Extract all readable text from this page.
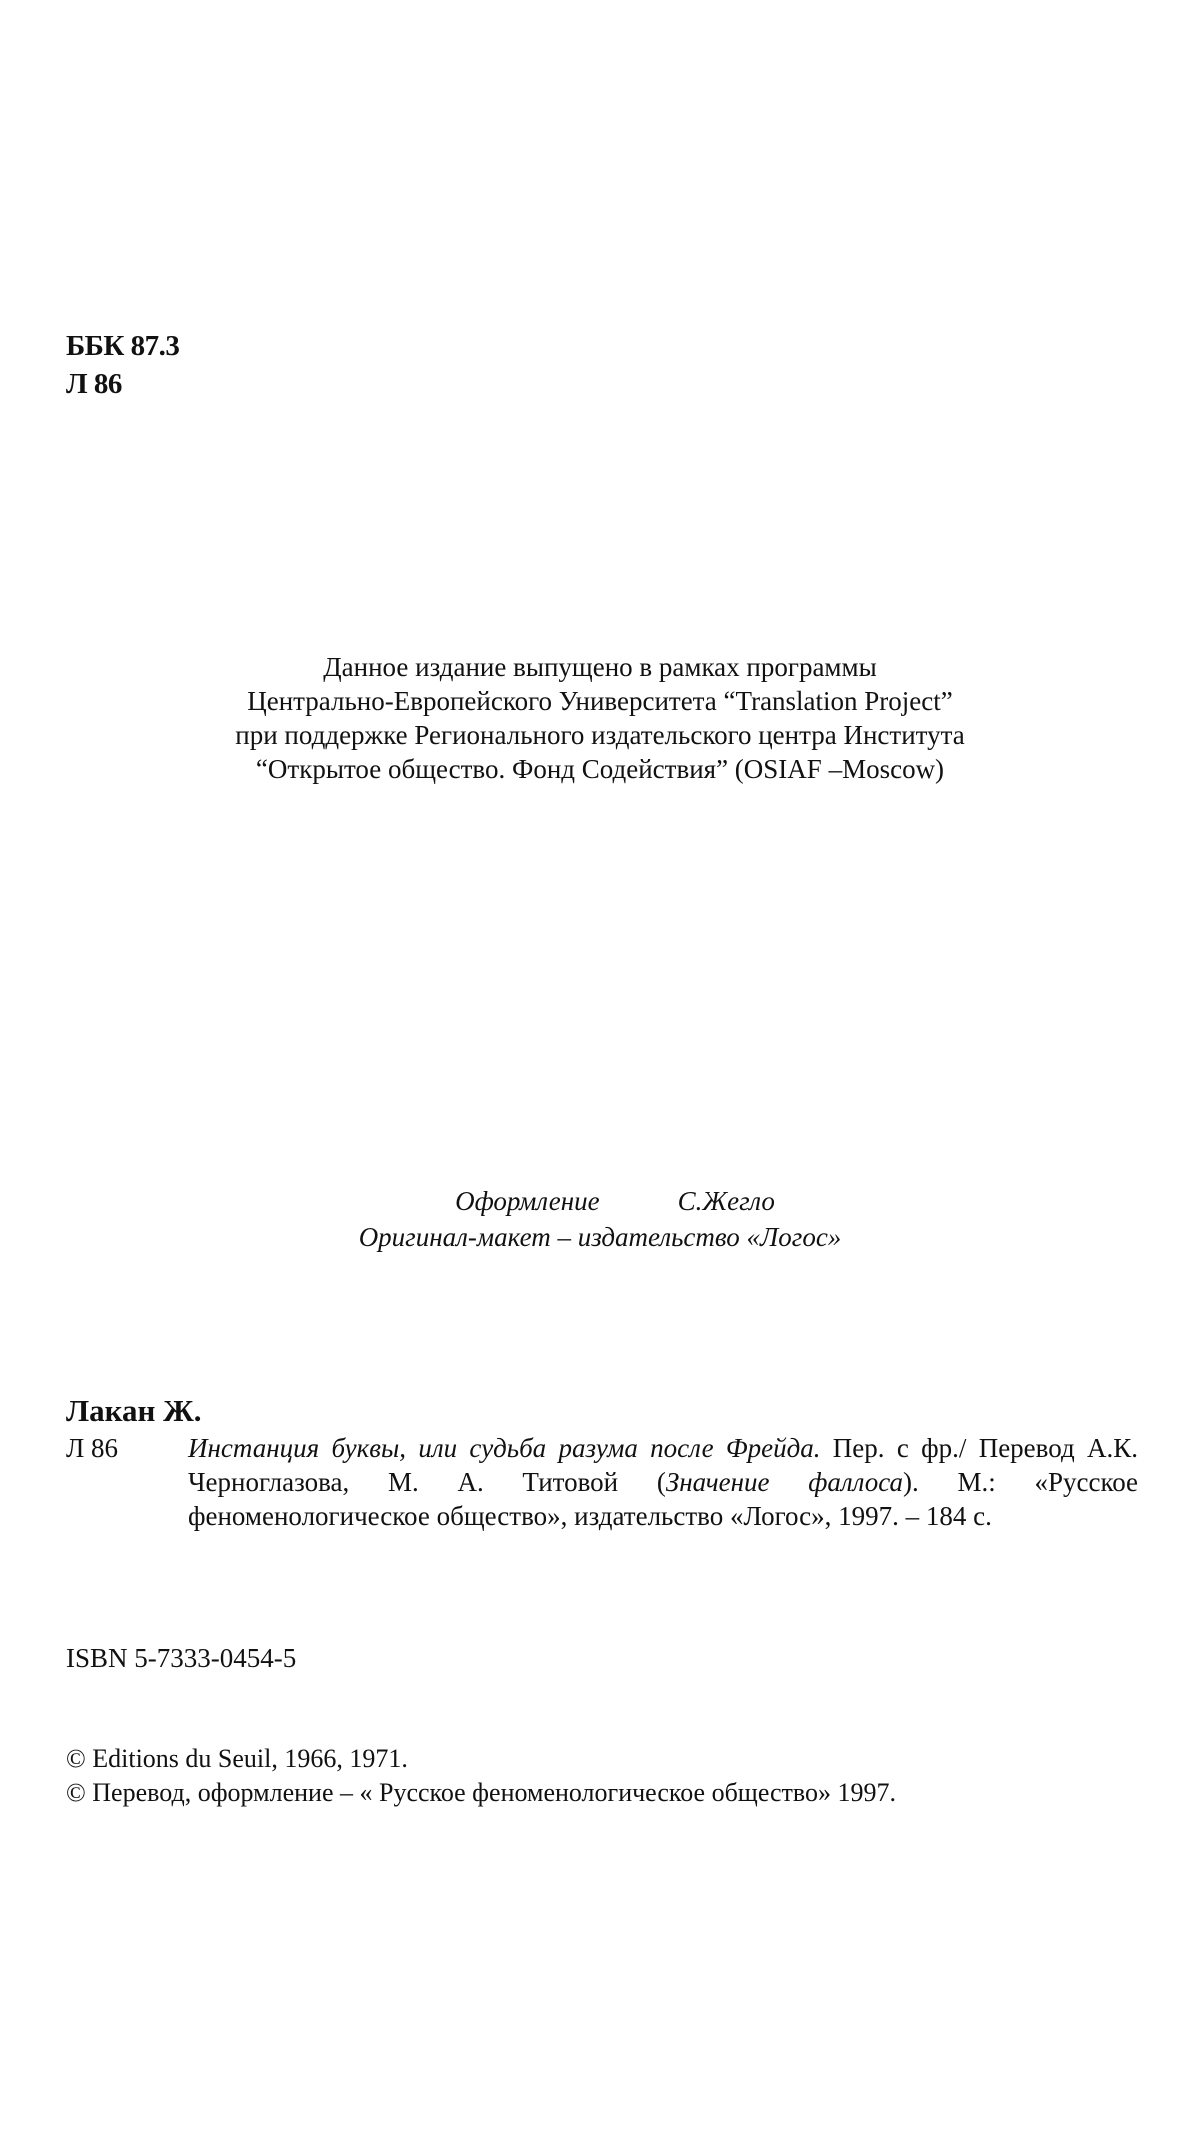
ББК 87.3
Л 86
Данное издание выпущено в рамках программы
Центрально-Европейского Университета “Translation Project”
при поддержке Регионального издательского центра Института
“Открытое общество. Фонд Содействия” (OSIAF –Moscow)
Оформление	С.Жегло
Оригинал-макет – издательство «Логос»
Лакан Ж.
Л 86	Инстанция буквы, или судьба разума после Фрейда. Пер. с фр./ Перевод А.К. Черноглазова, М. А. Титовой (Значение фаллоса). М.: «Русское феноменологическое общество», издательство «Логос», 1997. – 184 с.
ISBN 5-7333-0454-5
© Editions du Seuil, 1966, 1971.
© Перевод, оформление – « Русское феноменологическое общество» 1997.
